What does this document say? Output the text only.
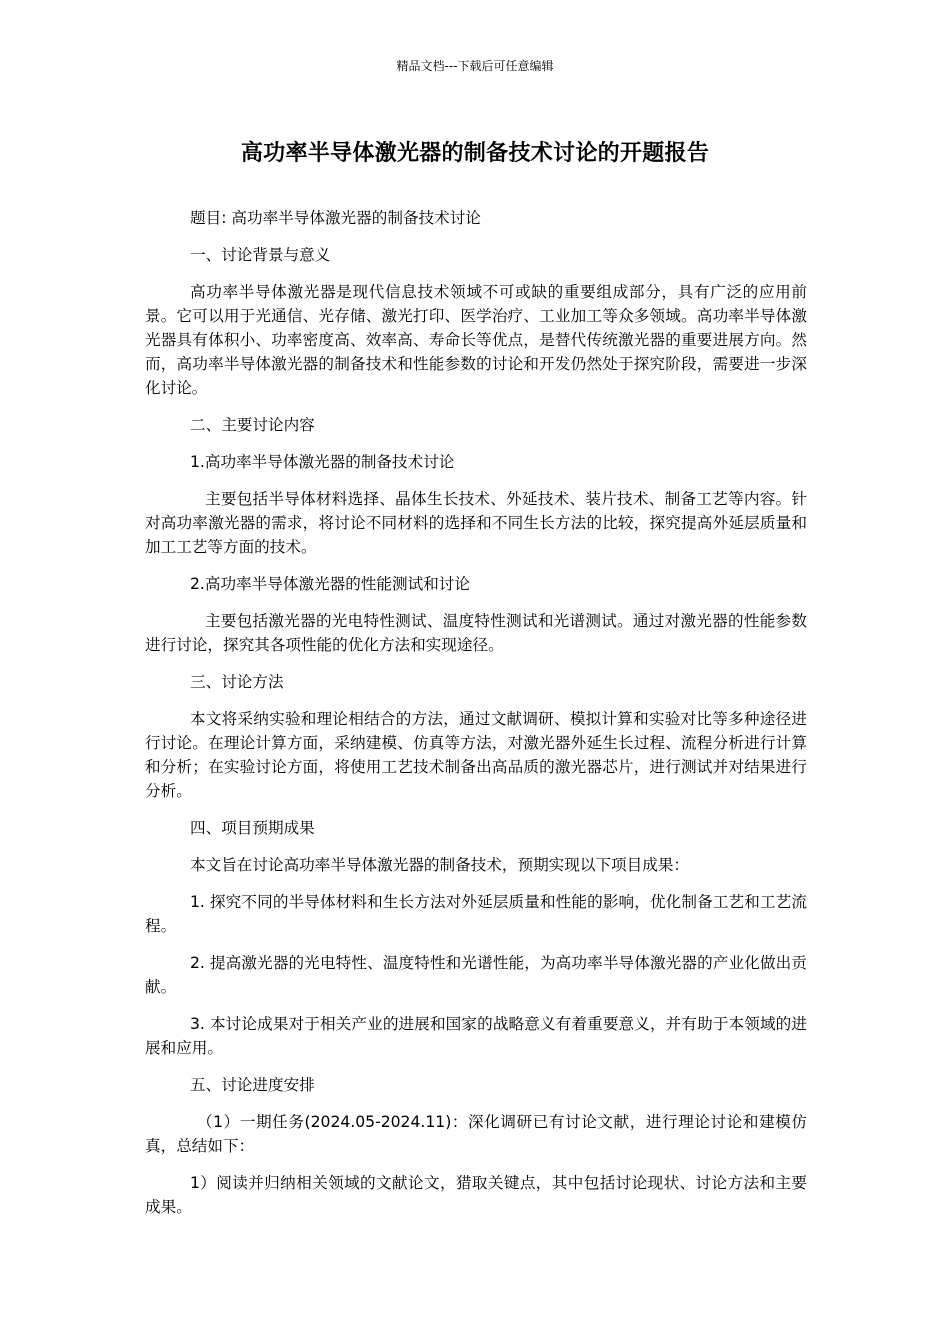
精品文档---下载后可任意编辑
高功率半导体激光器的制备技术讨论的开题报告

题目: 高功率半导体激光器的制备技术讨论

一、讨论背景与意义

高功率半导体激光器是现代信息技术领域不可或缺的重要组成部分，具有广泛的应用前景。它可以用于光通信、光存储、激光打印、医学治疗、工业加工等众多领域。高功率半导体激光器具有体积小、功率密度高、效率高、寿命长等优点，是替代传统激光器的重要进展方向。然而，高功率半导体激光器的制备技术和性能参数的讨论和开发仍然处于探究阶段，需要进一步深化讨论。

二、主要讨论内容

1.高功率半导体激光器的制备技术讨论

主要包括半导体材料选择、晶体生长技术、外延技术、装片技术、制备工艺等内容。针对高功率激光器的需求，将讨论不同材料的选择和不同生长方法的比较，探究提高外延层质量和加工工艺等方面的技术。

2.高功率半导体激光器的性能测试和讨论

主要包括激光器的光电特性测试、温度特性测试和光谱测试。通过对激光器的性能参数进行讨论，探究其各项性能的优化方法和实现途径。

三、讨论方法

本文将采纳实验和理论相结合的方法，通过文献调研、模拟计算和实验对比等多种途径进行讨论。在理论计算方面，采纳建模、仿真等方法，对激光器外延生长过程、流程分析进行计算和分析；在实验讨论方面，将使用工艺技术制备出高品质的激光器芯片，进行测试并对结果进行分析。

四、项目预期成果

本文旨在讨论高功率半导体激光器的制备技术，预期实现以下项目成果：

1. 探究不同的半导体材料和生长方法对外延层质量和性能的影响，优化制备工艺和工艺流程。

2. 提高激光器的光电特性、温度特性和光谱性能，为高功率半导体激光器的产业化做出贡献。

3. 本讨论成果对于相关产业的进展和国家的战略意义有着重要意义，并有助于本领域的进展和应用。

五、讨论进度安排

（1）一期任务(2024.05-2024.11)：深化调研已有讨论文献，进行理论讨论和建模仿真，总结如下：

1）阅读并归纳相关领域的文献论文，猎取关键点，其中包括讨论现状、讨论方法和主要成果。
